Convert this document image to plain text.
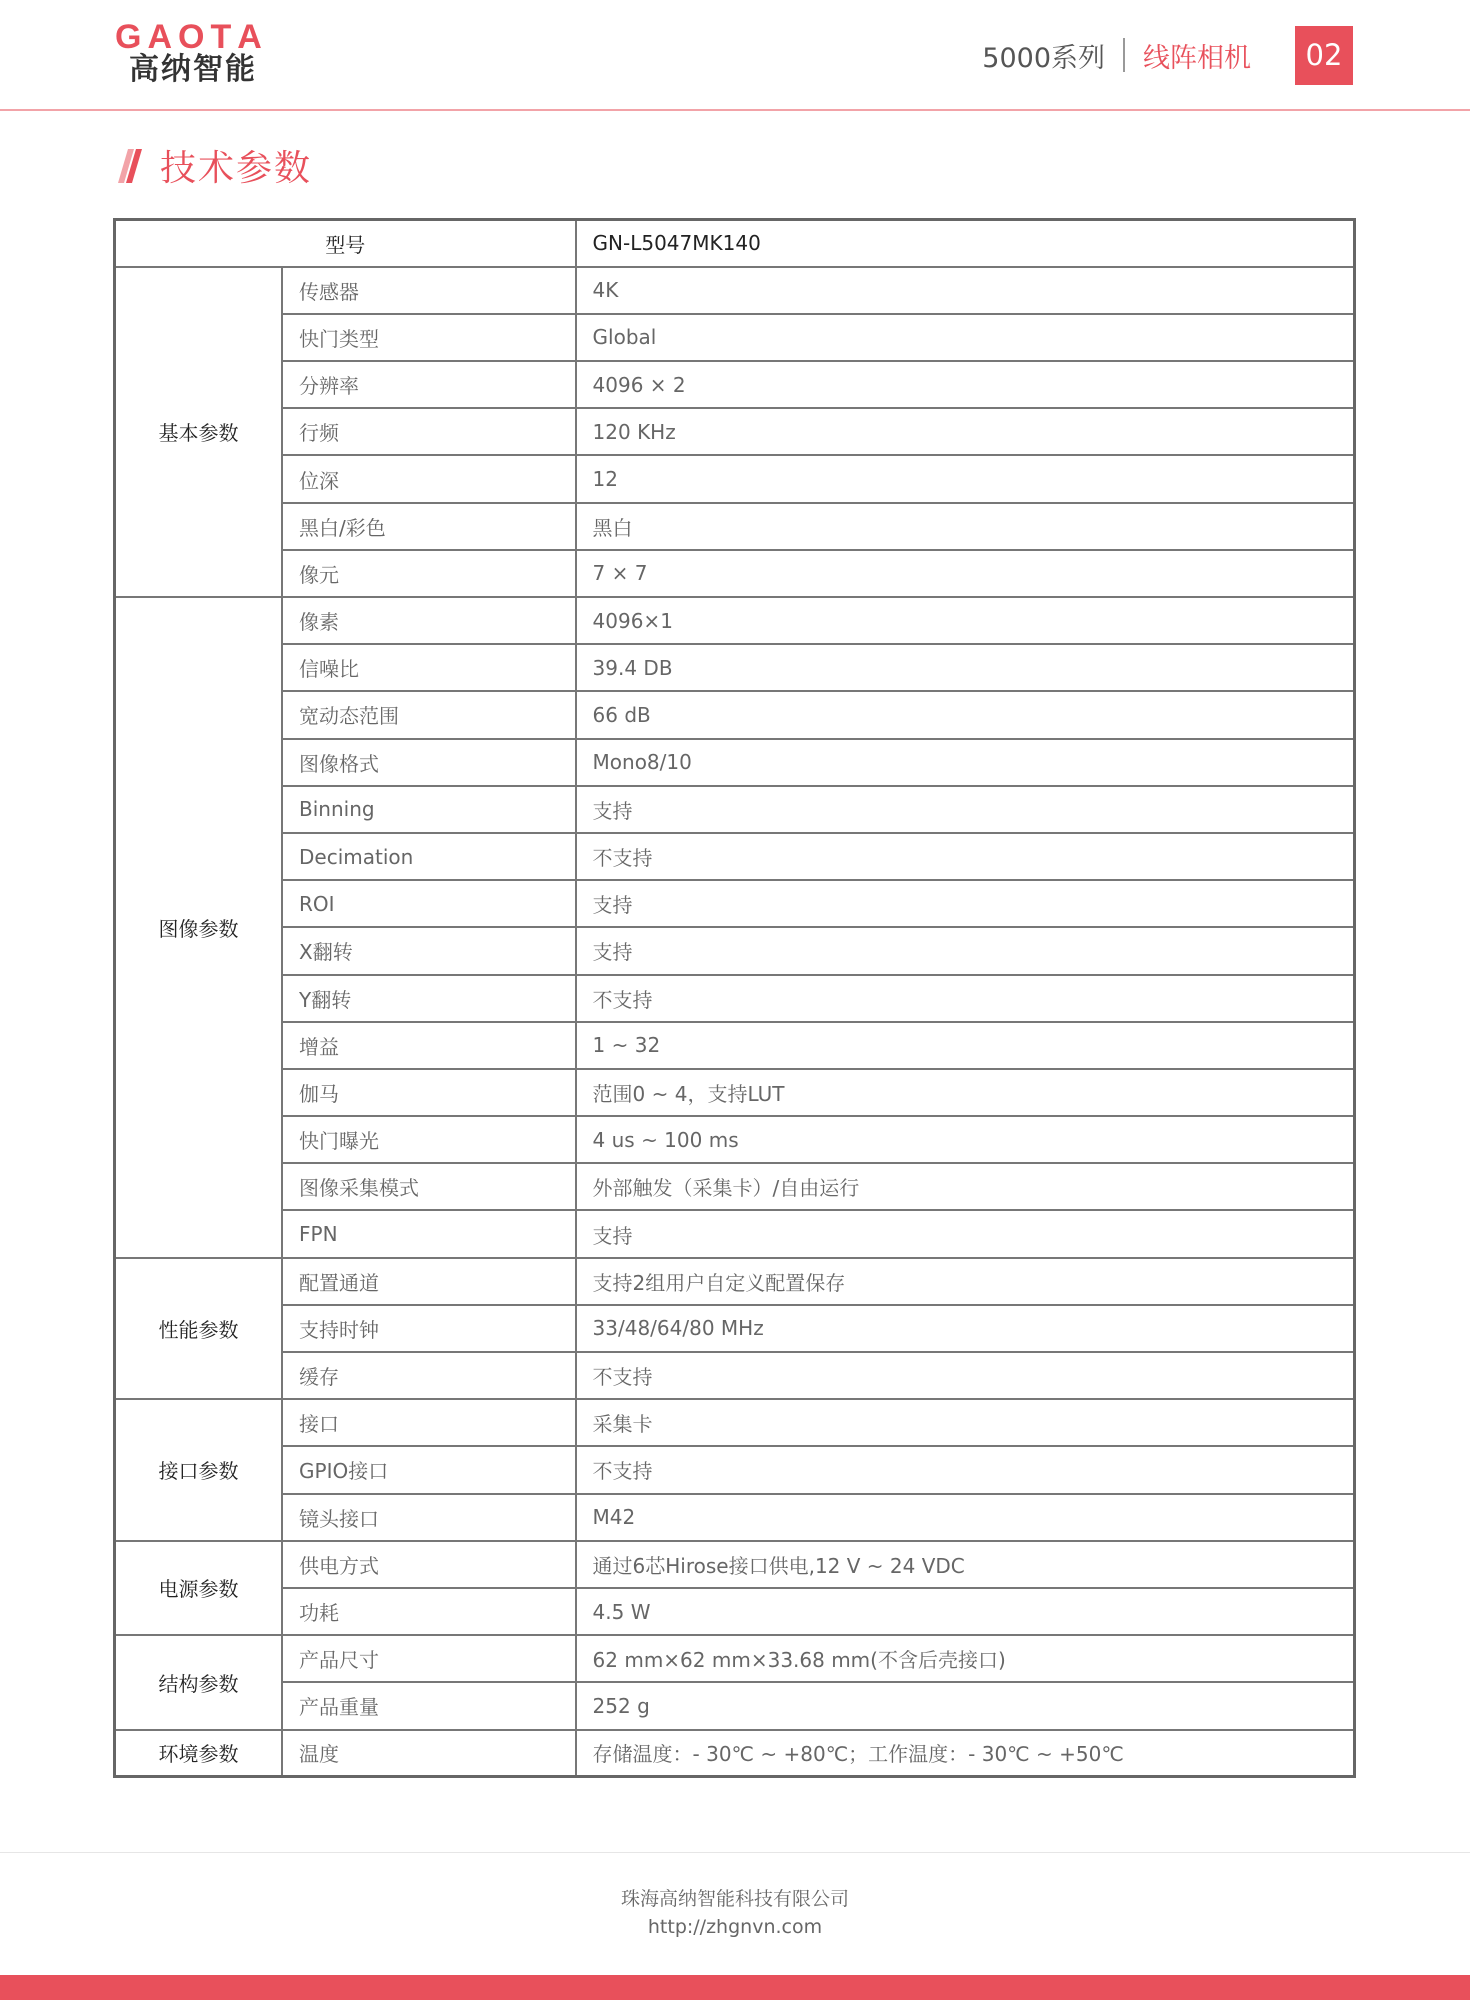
G A O T A
高纳智能	5000系列 线阵相机	02
技术参数
型号		GN-L5047MK140
基本参数	传感器	4K
	快门类型	Global
	分辨率	4096 × 2
	行频	120 KHz
	位深	12
	黑白/彩色	黑白
	像元	7 × 7
图像参数	像素	4096×1
	信噪比	39.4 DB
	宽动态范围	66 dB
	图像格式	Mono8/10
	Binning	支持
	Decimation	不支持
	ROI	支持
	X翻转	支持
	Y翻转	不支持
	增益	1 ~ 32
	伽马	范围0 ~ 4，支持LUT
	快门曝光	4 us ~ 100 ms
	图像采集模式	外部触发（采集卡）/自由运行
	FPN	支持
性能参数	配置通道	支持2组用户自定义配置保存
	支持时钟	33/48/64/80 MHz
	缓存	不支持
接口参数	接口	采集卡
	GPIO接口	不支持
	镜头接口	M42
电源参数	供电方式	通过6芯Hirose接口供电,12 V ~ 24 VDC
	功耗	4.5 W
结构参数	产品尺寸	62 mm×62 mm×33.68 mm(不含后壳接口)
	产品重量	252 g
环境参数	温度	存储温度：- 30℃ ~ +80℃；工作温度：- 30℃ ~ +50℃
珠海高纳智能科技有限公司
http://zhgnvn.com
